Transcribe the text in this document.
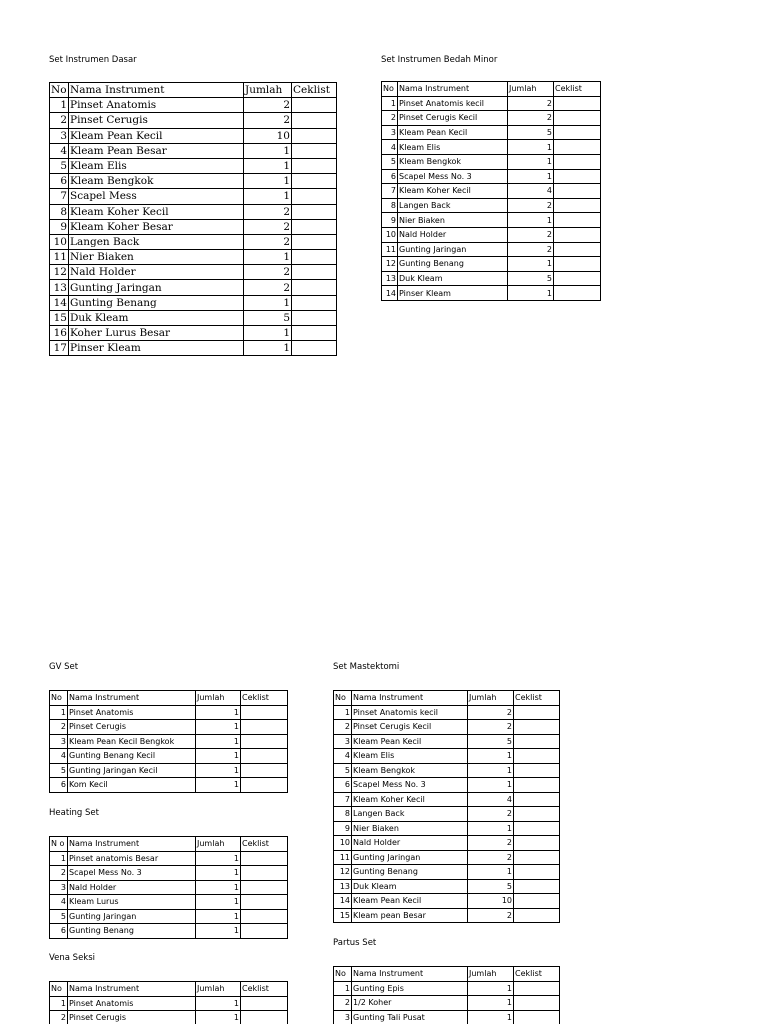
Set Instrumen Dasar
No	Nama Instrument	Jumlah	Ceklist
1	Pinset Anatomis	2	
2	Pinset Cerugis	2	
3	Kleam Pean Kecil	10	
4	Kleam Pean Besar	1	
5	Kleam Elis	1	
6	Kleam Bengkok	1	
7	Scapel Mess	1	
8	Kleam Koher Kecil	2	
9	Kleam Koher Besar	2	
10	Langen Back	2	
11	Nier Biaken	1	
12	Nald Holder	2	
13	Gunting Jaringan	2	
14	Gunting Benang	1	
15	Duk Kleam	5	
16	Koher Lurus Besar	1	
17	Pinser Kleam	1	
Set Instrumen Bedah Minor
No	Nama Instrument	Jumlah	Ceklist
1	Pinset Anatomis kecil	2	
2	Pinset Cerugis Kecil	2	
3	Kleam Pean Kecil	5	
4	Kleam Elis	1	
5	Kleam Bengkok	1	
6	Scapel Mess No. 3	1	
7	Kleam Koher Kecil	4	
8	Langen Back	2	
9	Nier Biaken	1	
10	Nald Holder	2	
11	Gunting Jaringan	2	
12	Gunting Benang	1	
13	Duk Kleam	5	
14	Pinser Kleam	1	
GV Set
No	Nama Instrument	Jumlah	Ceklist
1	Pinset Anatomis	1	
2	Pinset Cerugis	1	
3	Kleam Pean Kecil Bengkok	1	
4	Gunting Benang Kecil	1	
5	Gunting Jaringan Kecil	1	
6	Kom Kecil	1	
Heating Set
N o	Nama Instrument	Jumlah	Ceklist
1	Pinset anatomis Besar	1	
2	Scapel Mess No. 3	1	
3	Nald Holder	1	
4	Kleam Lurus	1	
5	Gunting Jaringan	1	
6	Gunting Benang	1	
Vena Seksi
No	Nama Instrument	Jumlah	Ceklist
1	Pinset Anatomis	1	
2	Pinset Cerugis	1	
Set Mastektomi
No	Nama Instrument	Jumlah	Ceklist
1	Pinset Anatomis kecil	2	
2	Pinset Cerugis Kecil	2	
3	Kleam Pean Kecil	5	
4	Kleam Elis	1	
5	Kleam Bengkok	1	
6	Scapel Mess No. 3	1	
7	Kleam Koher Kecil	4	
8	Langen Back	2	
9	Nier Biaken	1	
10	Nald Holder	2	
11	Gunting Jaringan	2	
12	Gunting Benang	1	
13	Duk Kleam	5	
14	Kleam Pean Kecil	10	
15	Kleam pean Besar	2	
Partus Set
No	Nama Instrument	Jumlah	Ceklist
1	Gunting Epis	1	
2	1/2 Koher	1	
3	Gunting Tali Pusat	1	
